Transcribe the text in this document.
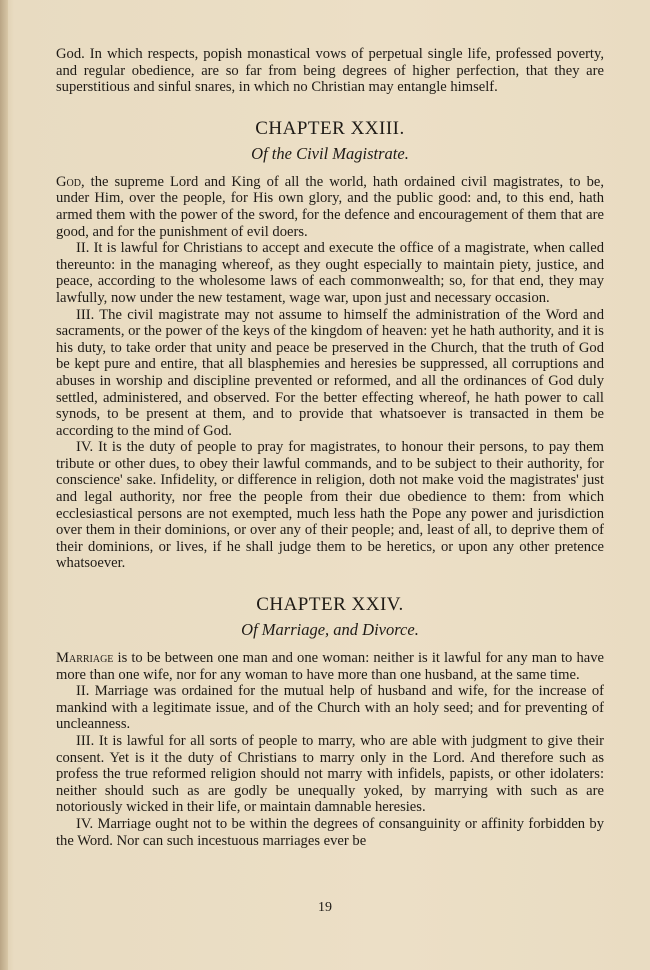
God. In which respects, popish monastical vows of perpetual single life, professed poverty, and regular obedience, are so far from being degrees of higher perfection, that they are superstitious and sinful snares, in which no Christian may entangle himself.

CHAPTER XXIII.
Of the Civil Magistrate.

God, the supreme Lord and King of all the world, hath ordained civil magistrates, to be, under Him, over the people, for His own glory, and the public good: and, to this end, hath armed them with the power of the sword, for the defence and encouragement of them that are good, and for the punishment of evil doers.

II. It is lawful for Christians to accept and execute the office of a magistrate, when called thereunto: in the managing whereof, as they ought especially to maintain piety, justice, and peace, according to the wholesome laws of each commonwealth; so, for that end, they may lawfully, now under the new testament, wage war, upon just and necessary occasion.

III. The civil magistrate may not assume to himself the administration of the Word and sacraments, or the power of the keys of the kingdom of heaven: yet he hath authority, and it is his duty, to take order that unity and peace be preserved in the Church, that the truth of God be kept pure and entire, that all blasphemies and heresies be suppressed, all corruptions and abuses in worship and discipline prevented or reformed, and all the ordinances of God duly settled, administered, and observed. For the better effecting whereof, he hath power to call synods, to be present at them, and to provide that whatsoever is transacted in them be according to the mind of God.

IV. It is the duty of people to pray for magistrates, to honour their persons, to pay them tribute or other dues, to obey their lawful commands, and to be subject to their authority, for conscience' sake. Infidelity, or difference in religion, doth not make void the magistrates' just and legal authority, nor free the people from their due obedience to them: from which ecclesiastical persons are not exempted, much less hath the Pope any power and jurisdiction over them in their dominions, or over any of their people; and, least of all, to deprive them of their dominions, or lives, if he shall judge them to be heretics, or upon any other pretence whatsoever.

CHAPTER XXIV.
Of Marriage, and Divorce.

Marriage is to be between one man and one woman: neither is it lawful for any man to have more than one wife, nor for any woman to have more than one husband, at the same time.

II. Marriage was ordained for the mutual help of husband and wife, for the increase of mankind with a legitimate issue, and of the Church with an holy seed; and for preventing of uncleanness.

III. It is lawful for all sorts of people to marry, who are able with judgment to give their consent. Yet is it the duty of Christians to marry only in the Lord. And therefore such as profess the true reformed religion should not marry with infidels, papists, or other idolaters: neither should such as are godly be unequally yoked, by marrying with such as are notoriously wicked in their life, or maintain damnable heresies.

IV. Marriage ought not to be within the degrees of consanguinity or affinity forbidden by the Word. Nor can such incestuous marriages ever be

19
